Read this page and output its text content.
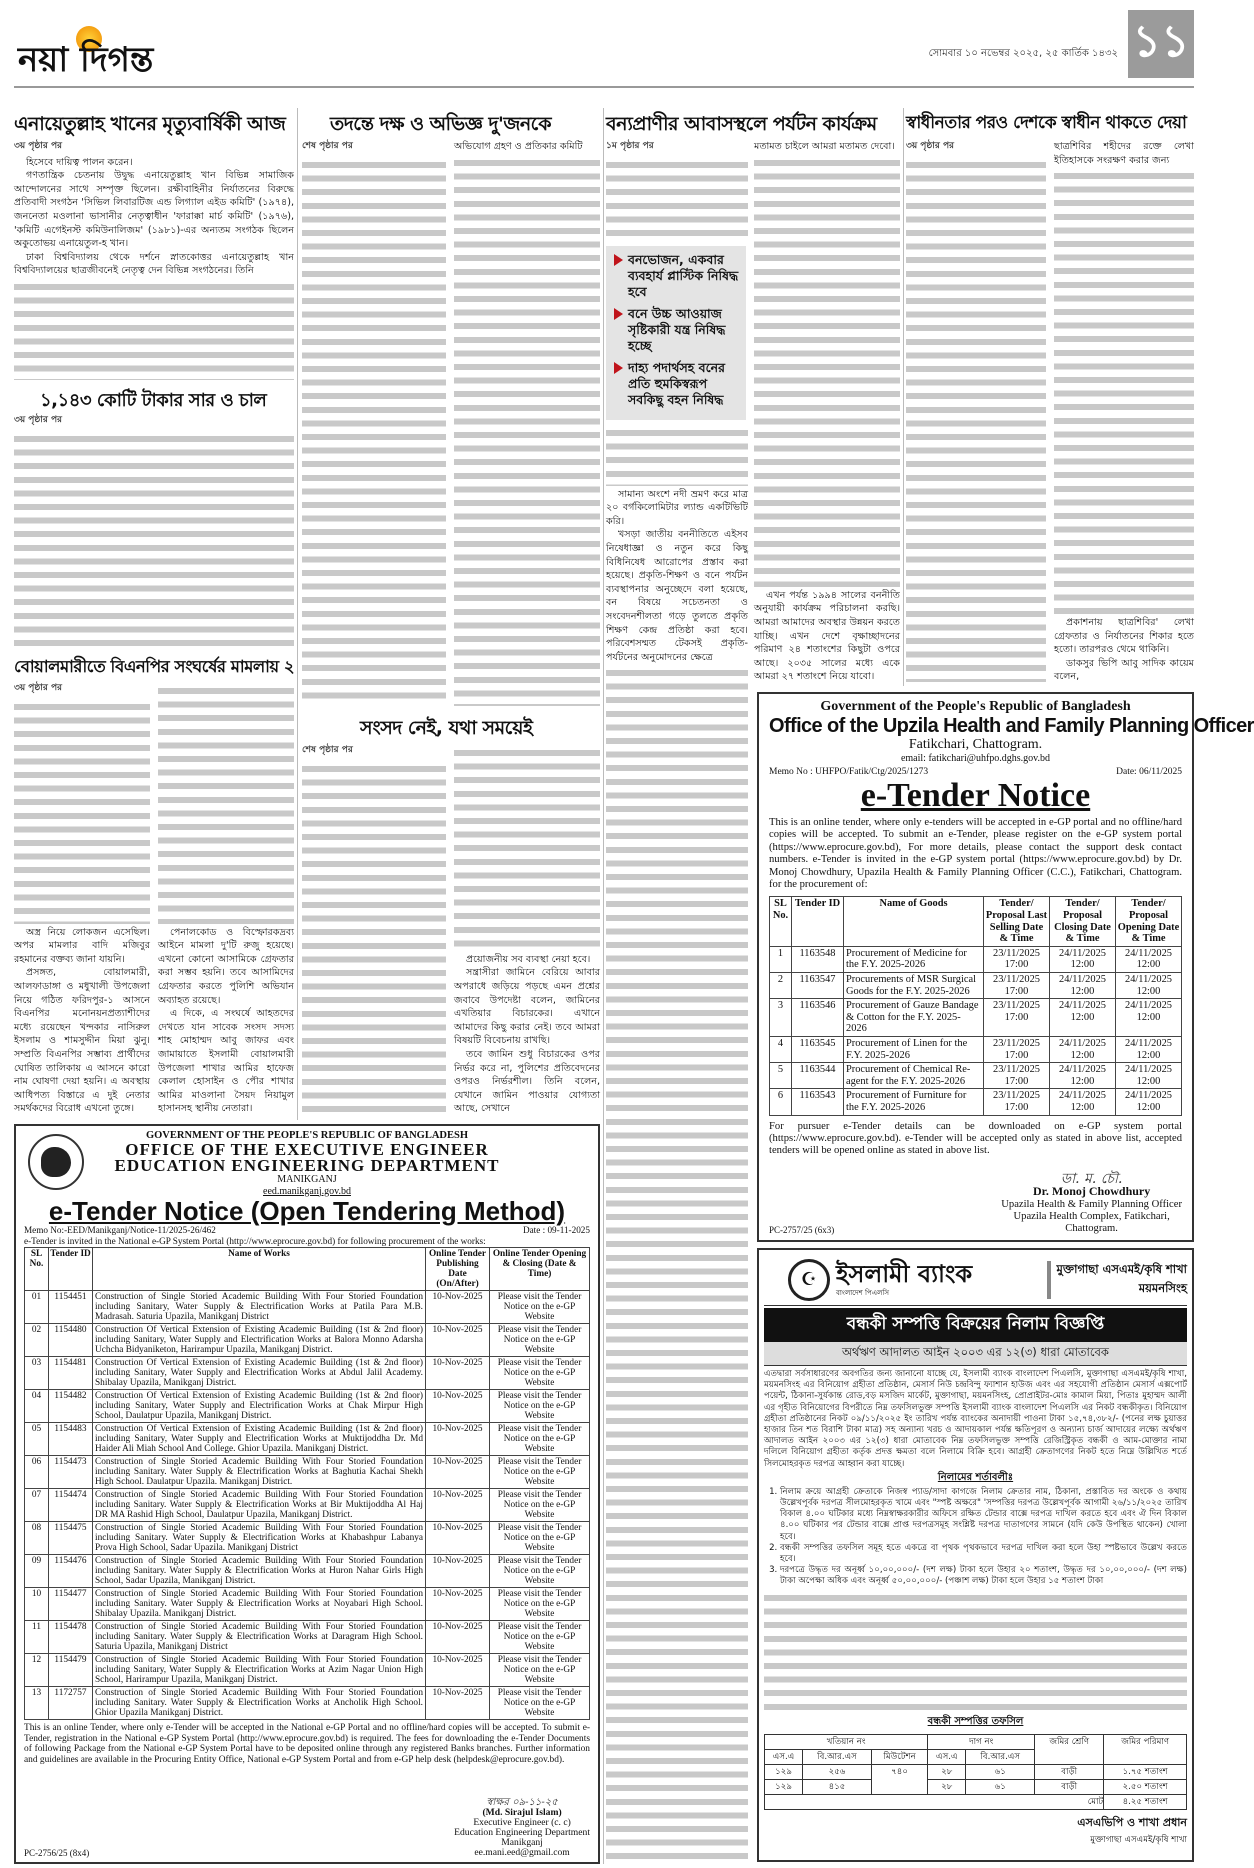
নয়া দিগন্ত	সোমবার ১০ নভেম্বর ২০২৫, ২৫ কার্তিক ১৪৩২ ১১
এনায়েতুল্লাহ খানের মৃত্যুবার্ষিকী আজ	তদন্তে দক্ষ ও অভিজ্ঞ দু'জনকে	বন্যপ্রাণীর আবাসস্থলে পর্যটন কার্যক্রম	স্বাধীনতার পরও দেশকে স্বাধীন থাকতে দেয়া
৩য় পৃষ্ঠার পর

হিসেবে দায়িত্ব পালন করেন।

গণতান্ত্রিক চেতনায় উদ্বুদ্ধ এনায়েতুল্লাহ খান বিভিন্ন সামাজিক আন্দোলনের সাথে সম্পৃক্ত ছিলেন। রক্ষীবাহিনীর নির্যাতনের বিরুদ্ধে প্রতিবাদী সংগঠন 'সিভিল লিবারটিজ এন্ড লিগ্যাল এইড কমিটি' (১৯৭৪), জননেতা মওলানা ভাসানীর নেতৃত্বাধীন 'ফারাক্কা মার্চ কমিটি' (১৯৭৬), 'কমিটি এগেইনস্ট কমিউনালিজম' (১৯৮১)-এর অন্যতম সংগঠক ছিলেন অকুতোভয় এনায়েতুল-হ খান।

ঢাকা বিশ্ববিদ্যালয় থেকে দর্শনে স্নাতকোত্তর এনায়েতুল্লাহ খান বিশ্ববিদ্যালয়ের ছাত্রজীবনেই নেতৃত্ব দেন বিভিন্ন সংগঠনের। তিনি

১,১৪৩ কোটি টাকার সার ও চাল
৩য় পৃষ্ঠার পর
বোয়ালমারীতে বিএনপির সংঘর্ষের মামলায় ২
৩য় পৃষ্ঠার পর

অস্ত্র নিয়ে লোকজন এসেছিল। অপর মামলার বাদি মজিবুর রহমানের বক্তব্য জানা যায়নি।

প্রসঙ্গত, বোয়ালমারী, আলফাডাঙ্গা ও মধুখালী উপজেলা নিয়ে গঠিত ফরিদপুর-১ আসনে বিএনপির মনোনয়নপ্রত্যাশীদের মধ্যে রয়েছেন খন্দকার নাসিরুল ইসলাম ও শামসুদ্দীন মিয়া ঝুনু। সম্প্রতি বিএনপির সম্ভাব্য প্রার্থীদের ঘোষিত তালিকায় এ আসনে কারো নাম ঘোষণা দেয়া হয়নি। এ অবস্থায় আধিপত্য বিস্তারে এ দুই নেতার সমর্থকদের বিরোধ এখনো তুঙ্গে।

পেনালকোড ও বিস্ফোরকদ্রব্য আইনে মামলা দু'টি রুজু হয়েছে। এখনো কোনো আসামিকে গ্রেফতার করা সম্ভব হয়নি। তবে আসামিদের গ্রেফতার করতে পুলিশি অভিযান অব্যাহত রয়েছে।

এ দিকে, এ সংঘর্ষে আহতদের দেখতে যান সাবেক সংসদ সদস্য শাহ মোহাম্মদ আবু জাফর এবং জামায়াতে ইসলামী বোয়ালমারী উপজেলা শাখার আমির হাফেজ কেলাল হোসাইন ও পৌর শাখার আমির মাওলানা সৈয়দ নিয়ামুল হাসানসহ স্থানীয় নেতারা।

শেষ পৃষ্ঠার পর	অভিযোগ গ্রহণ ও প্রতিকার কমিটি

সংসদ নেই, যথা সময়েই
শেষ পৃষ্ঠার পর

প্রয়োজনীয় সব ব্যবস্থা নেয়া হবে।

সন্ত্রাসীরা জামিনে বেরিয়ে আবার অপরাধে জড়িয়ে পড়ছে এমন প্রশ্নের জবাবে উপদেষ্টা বলেন, জামিনের এখতিয়ার বিচারকের। এখানে আমাদের কিছু করার নেই। তবে আমরা বিষয়টি বিবেচনায় রাখছি।

তবে জামিন শুধু বিচারকের ওপর নির্ভর করে না, পুলিশের প্রতিবেদনের ওপরও নির্ভরশীল। তিনি বলেন, যেখানে জামিন পাওয়ার যোগ্যতা আছে, সেখানে

১ম পৃষ্ঠার পর
বনভোজন, একবার ব্যবহার্য প্লাস্টিক নিষিদ্ধ হবে
বনে উচ্চ আওয়াজ সৃষ্টিকারী যন্ত্র নিষিদ্ধ হচ্ছে
দাহ্য পদার্থসহ বনের প্রতি হুমকিস্বরূপ সবকিছু বহন নিষিদ্ধ

সামান্য অংশে নদী ভ্রমণ করে মাত্র ২০ বর্গকিলোমিটার ল্যান্ড একটিভিটি করি।

খসড়া জাতীয় বননীতিতে এইসব নিষেধাজ্ঞা ও নতুন করে কিছু বিধিনিষেধ আরোপের প্রস্তাব করা হয়েছে। প্রকৃতি-শিক্ষণ ও বনে পর্যটন ব্যবস্থাপনার অনুচ্ছেদে বলা হয়েছে, বন বিষয়ে সচেতনতা ও সংবেদনশীলতা গড়ে তুলতে প্রকৃতি শিক্ষণ কেন্দ্র প্রতিষ্ঠা করা হবে। পরিবেশসম্মত টেকসই প্রকৃতি-পর্যটনের অনুমোদনের ক্ষেত্রে

মতামত চাইলে আমরা মতামত দেবো।

এখন পর্যন্ত ১৯৯৪ সালের বননীতি অনুযায়ী কার্যক্রম পরিচালনা করছি। আমরা আমাদের অবস্থার উন্নয়ন করতে যাচ্ছি। এখন দেশে বৃক্ষাচ্ছাদনের পরিমাণ ২৪ শতাংশের কিছুটা ওপরে আছে। ২০৩৫ সালের মধ্যে একে আমরা ২৭ শতাংশে নিয়ে যাবো।

৩য় পৃষ্ঠার পর	ছাত্রশিবির শহীদের রক্তে লেখা ইতিহাসকে সংরক্ষণ করার জন্য

প্রকাশনায় ছাত্রশিবির' লেখা গ্রেফতার ও নির্যাতনের শিকার হতে হতো। তারপরও থেমে থাকিনি।

ডাকসুর ভিপি আবু সাদিক কায়েম বলেন,

Government of the People's Republic of Bangladesh
Office of the Upzila Health and Family Planning Officer
Fatikchari, Chattogram.
email: fatikchari@uhfpo.dghs.gov.bd
Memo No : UHFPO/Fatik/Ctg/2025/1273	Date: 06/11/2025
e-Tender Notice
This is an online tender, where only e-tenders will be accepted in e-GP portal and no offline/hard copies will be accepted. To submit an e-Tender, please register on the e-GP system portal (https://www.eprocure.gov.bd), For more details, please contact the support desk contact numbers. e-Tender is invited in the e-GP system portal (https://www.eprocure.gov.bd) by Dr. Monoj Chowdhury, Upazila Health & Family Planning Officer (C.C.), Fatikchari, Chattogram. for the procurement of:
SL No.	Tender ID	Name of Goods	Tender/ Proposal Last Selling Date & Time	Tender/ Proposal Closing Date & Time	Tender/ Proposal Opening Date & Time
1	1163548	Procurement of Medicine for the F.Y. 2025-2026	23/11/2025 17:00	24/11/2025 12:00	24/11/2025 12:00
2	1163547	Procurements of MSR Surgical Goods for the F.Y. 2025-2026	23/11/2025 17:00	24/11/2025 12:00	24/11/2025 12:00
3	1163546	Procurement of Gauze Bandage & Cotton for the F.Y. 2025-2026	23/11/2025 17:00	24/11/2025 12:00	24/11/2025 12:00
4	1163545	Procurement of Linen for the F.Y. 2025-2026	23/11/2025 17:00	24/11/2025 12:00	24/11/2025 12:00
5	1163544	Procurement of Chemical Re-agent for the F.Y. 2025-2026	23/11/2025 17:00	24/11/2025 12:00	24/11/2025 12:00
6	1163543	Procurement of Furniture for the F.Y. 2025-2026	23/11/2025 17:00	24/11/2025 12:00	24/11/2025 12:00
For pursuer e-Tender details can be downloaded on e-GP system portal (https://www.eprocure.gov.bd). e-Tender will be accepted only as stated in above list, accepted tenders will be opened online as stated in above list.
PC-2757/25 (6x3)
ডা. ম. চৌ.
Dr. Monoj Chowdhury
Upazila Health & Family Planning Officer
Upazila Health Complex, Fatikchari,
Chattogram.
GOVERNMENT OF THE PEOPLE'S REPUBLIC OF BANGLADESH
OFFICE OF THE EXECUTIVE ENGINEER
EDUCATION ENGINEERING DEPARTMENT
MANIKGANJ
eed.manikganj.gov.bd
e-Tender Notice (Open Tendering Method)
Memo No:-EED/Manikganj/Notice-11/2025-26/462	Date : 09-11-2025
e-Tender is invited in the National e-GP System Portal (http://www.eprocure.gov.bd) for following procurement of the works:
SL No.	Tender ID	Name of Works	Online Tender Publishing Date (On/After)	Online Tender Opening & Closing (Date & Time)
01	1154451	Construction of Single Storied Academic Building With Four Storied Foundation including Sanitary, Water Supply & Electrification Works at Patila Para M.B. Madrasah. Saturia Upazila, Manikganj District	10-Nov-2025	Please visit the Tender Notice on the e-GP Website
02	1154480	Construction Of Vertical Extension of Existing Academic Building (1st & 2nd floor) including Sanitary, Water Supply and Electrification Works at Balora Monno Adarsha Uchcha Bidyaniketon, Harirampur Upazila, Manikganj District.	10-Nov-2025	Please visit the Tender Notice on the e-GP Website
03	1154481	Construction Of Vertical Extension of Existing Academic Building (1st & 2nd floor) including Sanitary, Water Supply and Electrification Works at Abdul Jalil Academy. Shibalay Upazila, Manikganj District.	10-Nov-2025	Please visit the Tender Notice on the e-GP Website
04	1154482	Construction Of Vertical Extension of Existing Academic Building (1st & 2nd floor) including Sanitary, Water Supply and Electrification Works at Chak Mirpur High School, Daulatpur Upazila, Manikganj District.	10-Nov-2025	Please visit the Tender Notice on the e-GP Website
05	1154483	Construction Of Vertical Extension of Existing Academic Building (1st & 2nd floor) including Sanitary, Water Supply and Electrification Works at Muktijoddha Dr. Md Haider Ali Miah School And College. Ghior Upazila. Manikganj District.	10-Nov-2025	Please visit the Tender Notice on the e-GP Website
06	1154473	Construction of Single Storied Academic Building With Four Storied Foundation including Sanitary. Water Supply & Electrification Works at Baghutia Kachai Shekh High School. Daulatpur Upazila. Manikganj District.	10-Nov-2025	Please visit the Tender Notice on the e-GP Website
07	1154474	Construction of Single Storied Academic Building With Four Storied Foundation including Sanitary. Water Supply & Electrification Works at Bir Muktijoddha Al Haj DR MA Rashid High School, Daulatpur Upazila, Manikganj District.	10-Nov-2025	Please visit the Tender Notice on the e-GP Website
08	1154475	Construction of Single Storied Academic Building With Four Storied Foundation including Sanitary. Water Supply & Electrification Works at Khabashpur Labanya Prova High School, Sadar Upazila. Manikganj District	10-Nov-2025	Please visit the Tender Notice on the e-GP Website
09	1154476	Construction of Single Storied Academic Building With Four Storied Foundation including Sanitary. Water Supply & Electrification Works at Huron Nahar Girls High School, Sadar Upazila, Manikganj District.	10-Nov-2025	Please visit the Tender Notice on the e-GP Website
10	1154477	Construction of Single Storied Academic Building With Four Storied Foundation including Sanitary. Water Supply & Electrification Works at Noyabari High School. Shibalay Upazila. Manikganj District.	10-Nov-2025	Please visit the Tender Notice on the e-GP Website
11	1154478	Construction of Single Storied Academic Building With Four Storied Foundation including Sanitary. Water Supply & Electrification Works at Daragram High School. Saturia Upazila, Manikganj District	10-Nov-2025	Please visit the Tender Notice on the e-GP Website
12	1154479	Construction of Single Storied Academic Building With Four Storied Foundation including Sanitary, Water Supply & Electrification Works at Azim Nagar Union High School, Harirampur Upazila, Manikganj District.	10-Nov-2025	Please visit the Tender Notice on the e-GP Website
13	1172757	Construction of Single Storied Academic Building With Four Storied Foundation including Sanitary. Water Supply & Electrification Works at Ancholik High School. Ghior Upazila Manikganj District.	10-Nov-2025	Please visit the Tender Notice on the e-GP Website
This is an online Tender, where only e-Tender will be accepted in the National e-GP Portal and no offline/hard copies will be accepted. To submit e-Tender, registration in the National e-GP System Portal (http://www.eprocure.gov.bd) is required. The fees for downloading the e-Tender Documents of following Package from the National e-GP System Portal have to be deposited online through any registered Banks branches. Further information and guidelines are available in the Procuring Entity Office, National e-GP System Portal and from e-GP help desk (helpdesk@eprocure.gov.bd).
PC-2756/25 (8x4)
স্বাক্ষর ০৯-১১-২৫
(Md. Sirajul Islam)
Executive Engineer (c. c)
Education Engineering Department
Manikganj
ee.mani.eed@gmail.com
☪ ইসলামী ব্যাংক
বাংলাদেশ পিএলসি
মুক্তাগাছা এসএমই/কৃষি শাখা
ময়মনসিংহ
বন্ধকী সম্পত্তি বিক্রয়ের নিলাম বিজ্ঞপ্তি
অর্থঋণ আদালত আইন ২০০৩ এর ১২(৩) ধারা মোতাবেক
এতদ্বারা সর্বসাধারণের অবগতির জন্য জানানো যাচ্ছে যে, ইসলামী ব্যাংক বাংলাদেশ পিএলসি, মুক্তাগাছা এসএমই/কৃষি শাখা, ময়মনসিংহ এর বিনিয়োগ গ্রহীতা প্রতিষ্ঠান, মেসার্স নিউ চন্দ্রবিন্দু ফ্যাশান হাউজ এবং এর সহযোগী প্রতিষ্ঠান মেসার্স এক্সপোর্ট পয়েন্ট, ঠিকানা-সুর্যকান্ত রোড,বড় মসজিদ মার্কেট, মুক্তাগাছা, ময়মনসিংহ, প্রোপ্রাইটর-মোঃ কামাল মিয়া, পিতাঃ মুহাম্মদ আলী এর গৃহীত বিনিয়োগের বিপরীতে নিম্ন তফসিলভুক্ত সম্পত্তি ইসলামী ব্যাংক বাংলাদেশ পিএলসি এর নিকট বন্ধকীকৃত। বিনিয়োগ গ্রহীতা প্রতিষ্ঠানের নিকট ০৯/১১/২০২৫ ইং তারিখ পর্যন্ত ব্যাংকের অনাদায়ী পাওনা টাকা ১৫,৭৪,৩৮২/- (পনের লক্ষ চুয়াত্তর হাজার তিন শত বিরাশি টাকা মাত্র) সহ অন্যান্য খরচ ও আদায়কাল পর্যন্ত ক্ষতিপূরণ ও অন্যান্য চার্জ আদায়ের লক্ষ্যে অর্থঋণ আদালত আইন ২০০৩ এর ১২(৩) ধারা মোতাবেক নিম্ন তফসিলভুক্ত সম্পত্তি রেজিস্ট্রিকৃত বন্ধকী ও আম-মোক্তার নামা দলিলে বিনিয়োগ গ্রহীতা কর্তৃক প্রদত্ত ক্ষমতা বলে নিলামে বিক্রি হবে। আগ্রহী ক্রেতাগণের নিকট হতে নিম্নে উল্লিখিত শর্তে সিলমোহরকৃত দরপত্র আহ্বান করা যাচ্ছে।
নিলামের শর্তাবলীঃ
1. নিলাম ক্রয়ে আগ্রহী ক্রেতাকে নিজস্ব প্যাড/সাদা কাগজে নিলাম ক্রেতার নাম, ঠিকানা, প্রস্তাবিত দর অংকে ও কথায় উল্লেখপূর্বক দরপত্র সীলমোহরকৃত খামে এবং "স্পষ্ট অক্ষরে" 'সম্পত্তির দরপত্র উল্লেখপূর্বক আগামী ২৬/১১/২০২৫ তারিখ বিকাল ৪.০০ ঘটিকার মধ্যে নিম্নস্বাক্ষরকারীর অফিসে রক্ষিত টেন্ডার বাক্সে দরপত্র দাখিল করতে হবে এবং ঐ দিন বিকাল ৪.০০ ঘটিকার পর টেন্ডার বাক্সে প্রাপ্ত দরপত্রসমূহ সংশ্লিষ্ট দরপত্র দাতাগণের সামনে (যদি কেউ উপস্থিত থাকেন) খোলা হবে।
2. বন্ধকী সম্পত্তির তফসিল সমূহ হতে একত্রে বা পৃথক পৃথকভাবে দরপত্র দাখিল করা হলে উহা স্পষ্টভাবে উল্লেখ করতে হবে।
3. দরপত্রে উদ্ধৃত দর অনূর্ধ্ব ১০,০০,০০০/- (দশ লক্ষ) টাকা হলে উহার ২০ শতাংশ, উদ্ধৃত দর ১০,০০,০০০/- (দশ লক্ষ) টাকা অপেক্ষা অধিক এবং অনূর্ধ্ব ৫০,০০,০০০/- (পঞ্চাশ লক্ষ) টাকা হলে উহার ১৫ শতাংশ টাকা
বন্ধকী সম্পত্তির তফসিল
খতিয়ান নং			দাগ নং		জমির শ্রেণি	জমির পরিমাণ
এস.এ	বি.আর.এস	মিউটেশন	এস.এ	বি.আর.এস		
১২৯	২৫৬	৭৪০	২৮	৬১	বাড়ী	১.৭৫ শতাংশ
১২৯	৪১৫		২৮	৬১	বাড়ী	২.৫০ শতাংশ
মোট						৪.২৫ শতাংশ
এসএভিপি ও শাখা প্রধান
মুক্তাগাছা এসএমই/কৃষি শাখা
